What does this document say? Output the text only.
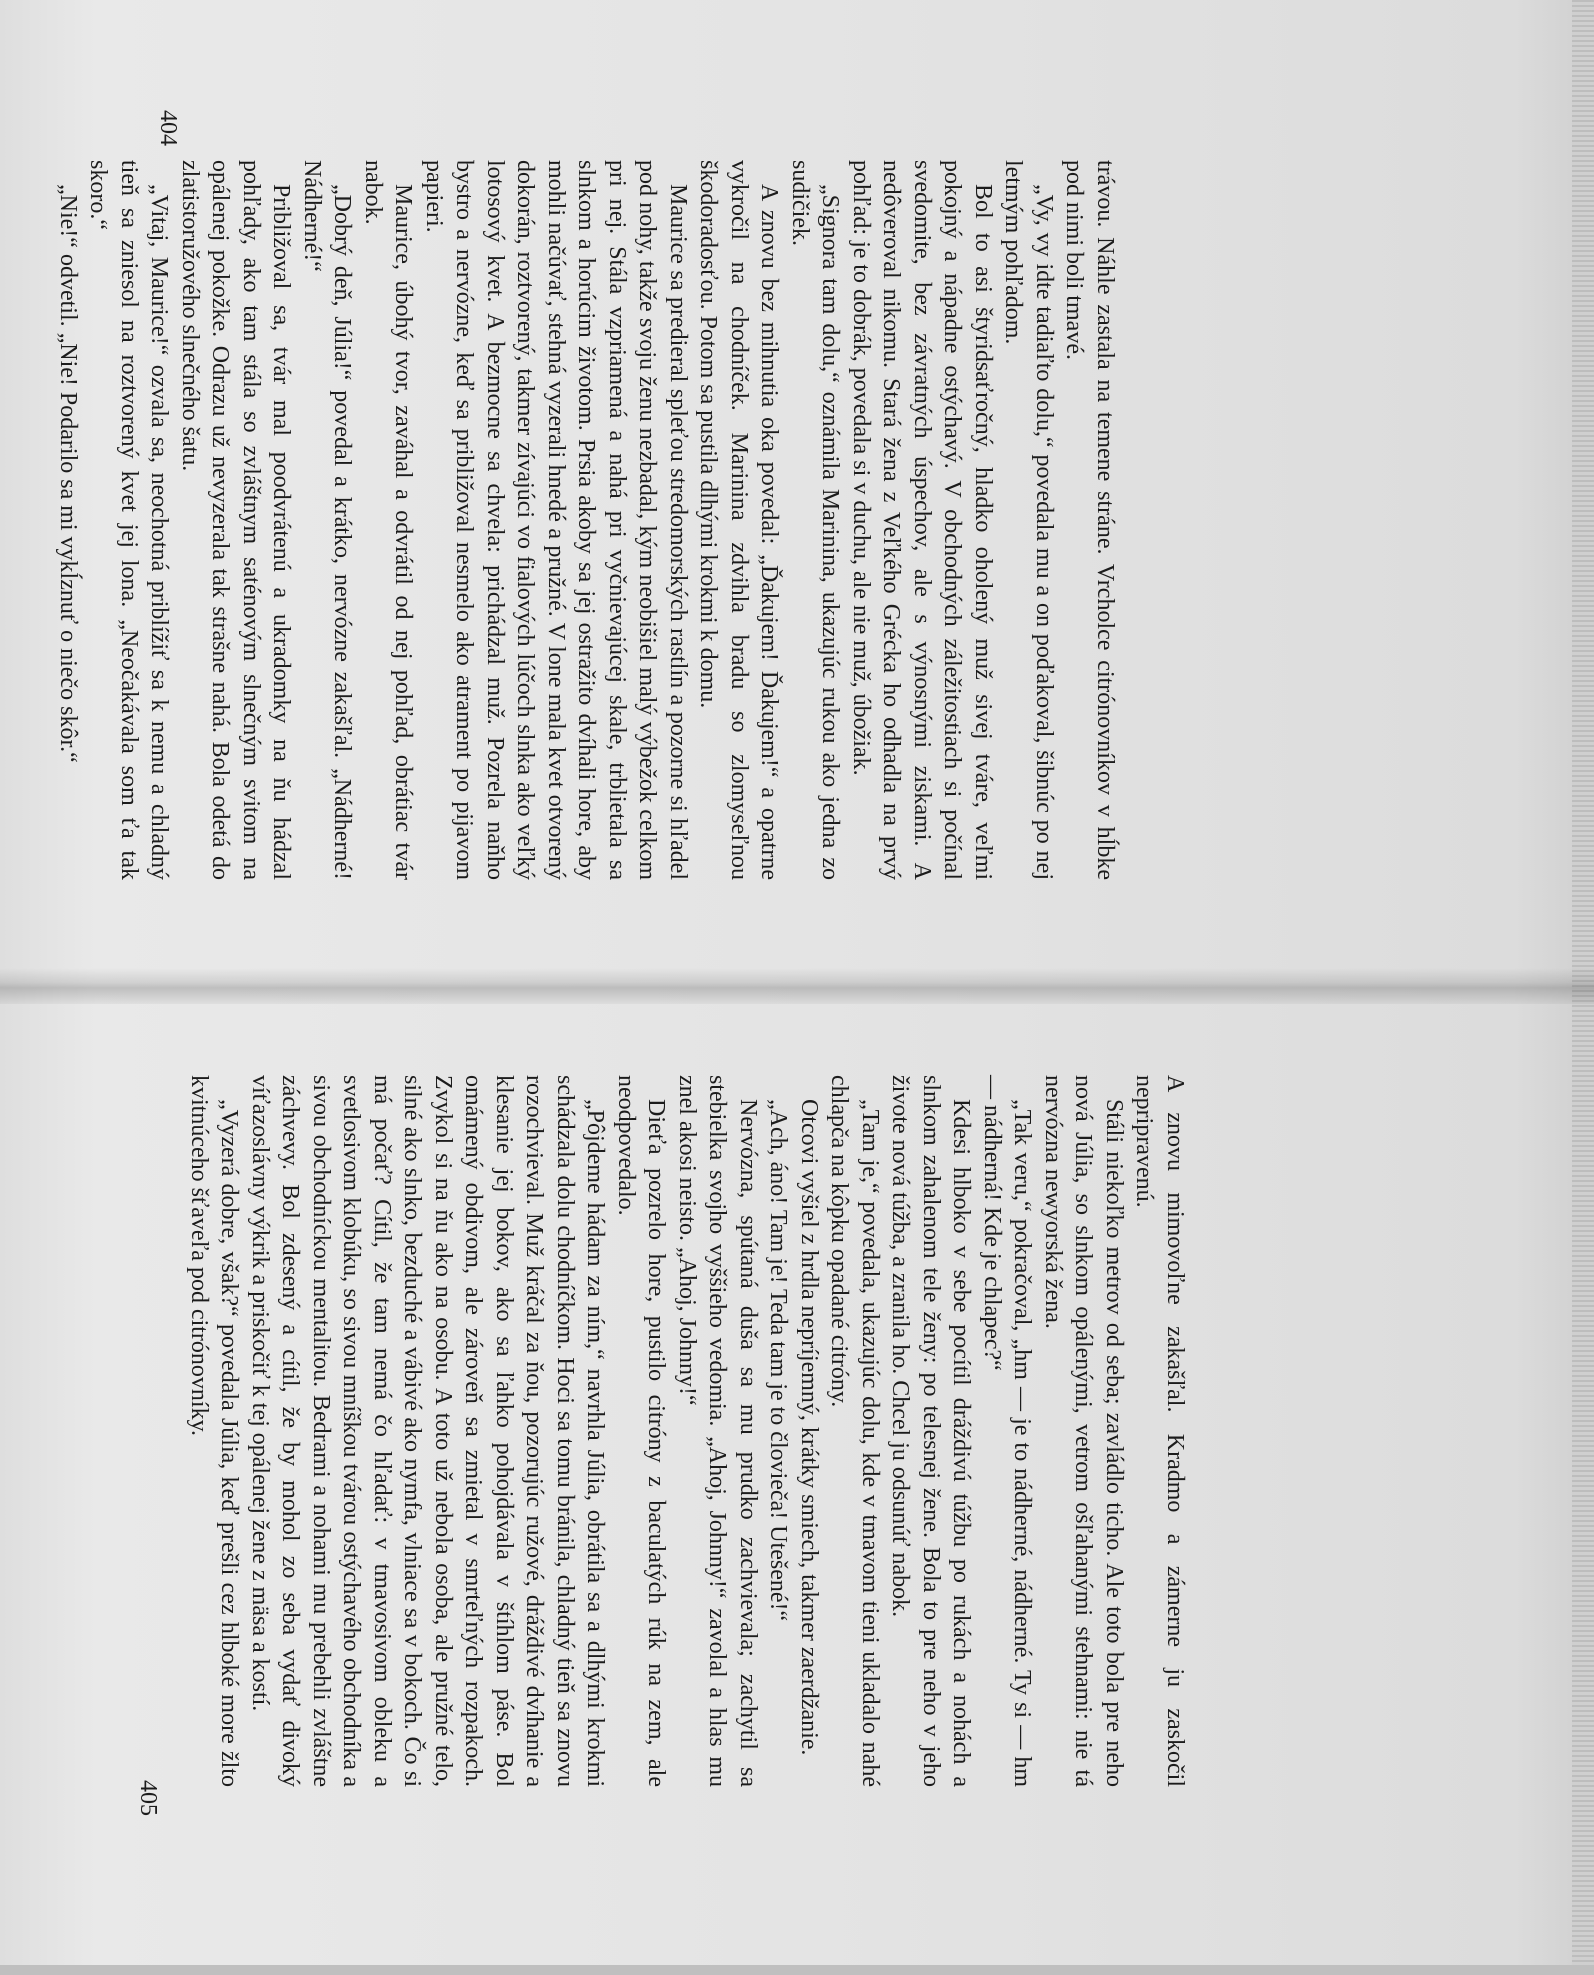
trávou. Náhle zastala na temene stráne. Vrcholce citrónovníkov v hĺbke pod nimi boli tmavé.

„Vy, vy idte tadiaľto dolu,“ povedala mu a on poďakoval, šibnúc po nej letmým pohľadom.

Bol to asi štyridsaťročný, hladko oholený muž sivej tváre, veľmi pokojný a nápadne ostýchavý. V obchodných záležitostiach si počínal svedomite, bez závratných úspechov, ale s výnosnými ziskami. A nedôveroval nikomu. Stará žena z Veľkého Grécka ho odhadla na prvý pohľad: je to dobrák, povedala si v duchu, ale nie muž, úbožiak.

„Signora tam dolu,“ oznámila Marinina, ukazujúc rukou ako jedna zo sudičiek.

A znovu bez mihnutia oka povedal: „Ďakujem! Ďakujem!“ a opatrne vykročil na chodníček. Marinina zdvihla bradu so zlomyseľnou škodoradosťou. Potom sa pustila dlhými krokmi k domu.

Maurice sa predieral spleťou stredomorských rastlín a pozorne si hľadel pod nohy, takže svoju ženu nezbadal, kým neobišiel malý výbežok celkom pri nej. Stála vzpriamená a nahá pri vyčnievajúcej skale, trblietala sa slnkom a horúcim životom. Prsia akoby sa jej ostražito dvíhali hore, aby mohli načúvať, stehná vyzerali hnedé a pružné. V lone mala kvet otvorený dokorán, roztvorený, takmer zívajúci vo fialových lúčoch slnka ako veľký lotosový kvet. A bezmocne sa chvela: prichádzal muž. Pozrela naňho bystro a nervózne, keď sa približoval nesmelo ako atrament po pijavom papieri.

Maurice, úbohý tvor, zaváhal a odvrátil od nej pohľad, obrátiac tvár nabok.

„Dobrý deň, Júlia!“ povedal a krátko, nervózne zakašľal. „Nádherné! Nádherné!“

Približoval sa, tvár mal poodvrátenú a ukradomky na ňu hádzal pohľady, ako tam stála so zvláštnym saténovým slnečným svitom na opálenej pokožke. Odrazu už nevyzerala tak strašne nahá. Bola odetá do zlatistoružového slnečného šatu.

„Vitaj, Maurice!“ ozvala sa, neochotná priblížiť sa k nemu a chladný tieň sa zniesol na roztvorený kvet jej lona. „Neočakávala som ťa tak skoro.“

„Nie!“ odvetil. „Nie! Podarilo sa mi vykĺznuť o niečo skôr.“

404

A znovu mimovoľne zakašľal. Kradmo a zámerne ju zaskočil nepripravenú.

Stáli niekoľko metrov od seba; zavládlo ticho. Ale toto bola pre neho nová Júlia, so slnkom opálenými, vetrom ošľahanými stehnami: nie tá nervózna newyorská žena.

„Tak veru,“ pokračoval, „hm — je to nádherné, nádherné. Ty si — hm — nádherná! Kde je chlapec?“

Kdesi hlboko v sebe pocítil dráždivú túžbu po rukách a nohách a slnkom zahalenom tele ženy: po telesnej žene. Bola to pre neho v jeho živote nová túžba, a zranila ho. Chcel ju odsunúť nabok.

„Tam je,“ povedala, ukazujúc dolu, kde v tmavom tieni ukladalo nahé chlapča na kôpku opadané citróny.

Otcovi vyšiel z hrdla nepríjemný, krátky smiech, takmer zaerdžanie.

„Ach, áno! Tam je! Teda tam je to človieča! Utešené!“

Nervózna, spútaná duša sa mu prudko zachvievala; zachytil sa stebielka svojho vyššieho vedomia. „Ahoj, Johnny!“ zavolal a hlas mu znel akosi neisto. „Ahoj, Johnny!“

Dieťa pozrelo hore, pustilo citróny z baculatých rúk na zem, ale neodpovedalo.

„Pôjdeme hádam za ním,“ navrhla Júlia, obrátila sa a dlhými krokmi schádzala dolu chodníčkom. Hoci sa tomu bránila, chladný tieň sa znovu rozochvieval. Muž kráčal za ňou, pozorujúc ružové, dráždivé dvíhanie a klesanie jej bokov, ako sa ľahko pohojdávala v štíhlom páse. Bol omámený obdivom, ale zároveň sa zmietal v smrteľných rozpakoch. Zvykol si na ňu ako na osobu. A toto už nebola osoba, ale pružné telo, silné ako slnko, bezduché a vábivé ako nymfa, vlniace sa v bokoch. Čo si má počať? Cítil, že tam nemá čo hľadať: v tmavosivom obleku a svetlosivom klobúku, so sivou mníškou tvárou ostýchavého obchodníka a sivou obchodníckou mentalitou. Bedrami a nohami mu prebehli zvláštne záchvevy. Bol zdesený a cítil, že by mohol zo seba vydať divoký víťazoslávny výkrik a priskočiť k tej opálenej žene z mäsa a kostí.

„Vyzerá dobre, však?“ povedala Júlia, keď prešli cez hlboké more žlto kvitnúceho šťaveľa pod citrónovníky.

405
